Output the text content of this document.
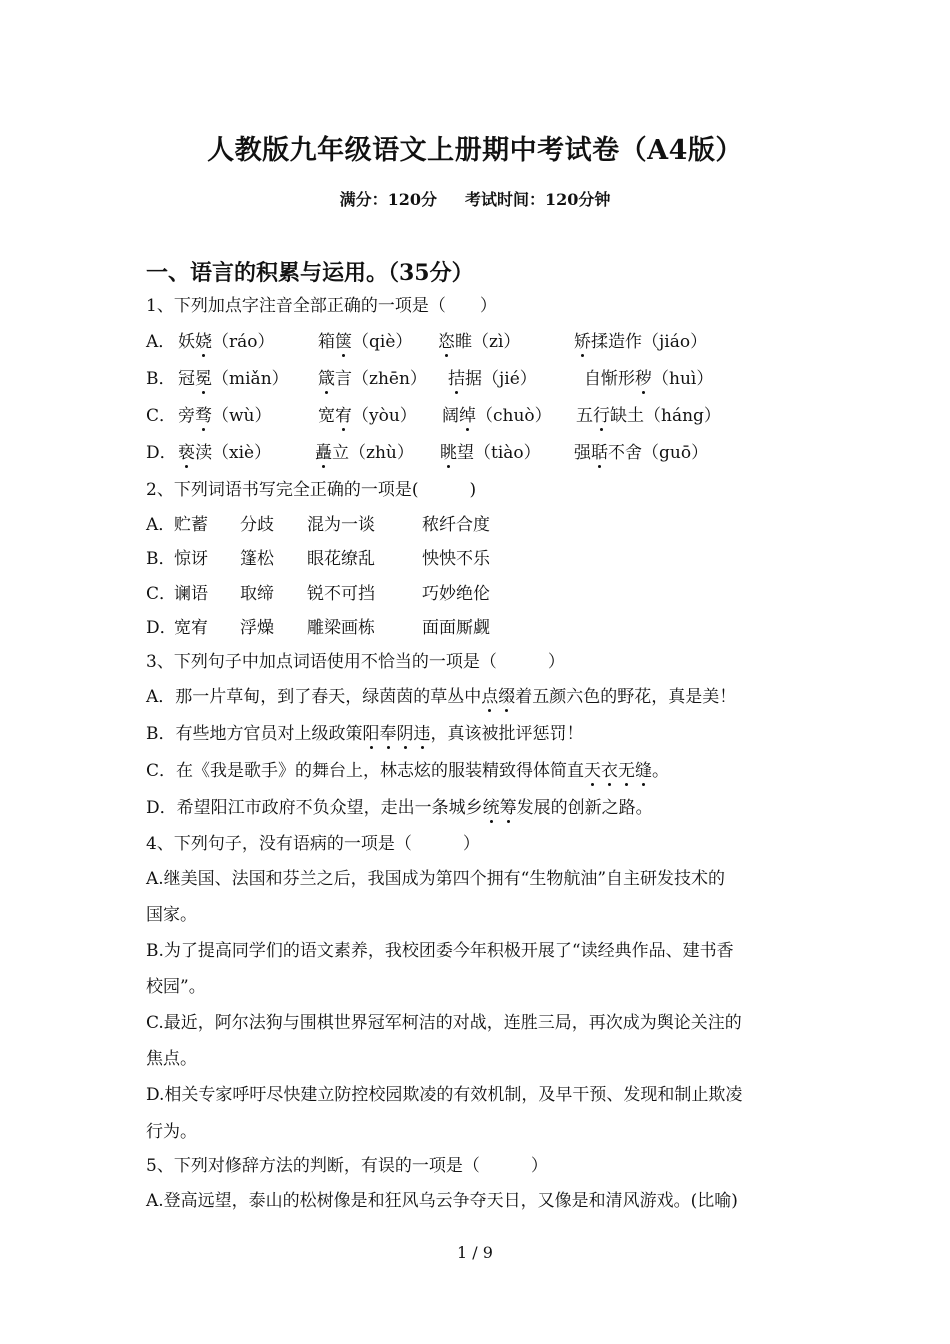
人教版九年级语文上册期中考试卷（A4版）
满分：120分 考试时间：120分钟
一、语言的积累与运用。（35分）
1、下列加点字注音全部正确的一项是（　　）
A． 妖娆（ráo）	箱箧（qiè） 恣睢（zì）	矫揉造作（jiáo）
B． 冠冕（miǎn） 箴言（zhēn） 拮据（jié）	自惭形秽（huì）
C． 旁骛（wù）	宽宥（yòu） 阔绰（chuò） 五行缺土（háng）
D．亵渎（xiè）	矗立（zhù） 眺望（tiào） 强聒不舍（guō）
2、下列词语书写完全正确的一项是(　　　)
A．贮蓄 分歧 混为一谈	秾纤合度
B．惊讶 篷松 眼花缭乱	怏怏不乐
C．谰语 取缔 锐不可挡	巧妙绝伦
D．宽宥 浮燥 雕梁画栋	面面厮觑
3、下列句子中加点词语使用不恰当的一项是（　　　）
A．那一片草甸，到了春天，绿茵茵的草丛中点缀着五颜六色的野花，真是美！
B．有些地方官员对上级政策阳奉阴违，真该被批评惩罚！
C．在《我是歌手》的舞台上，林志炫的服装精致得体简直天衣无缝。
D．希望阳江市政府不负众望，走出一条城乡统筹发展的创新之路。
4、下列句子，没有语病的一项是（　　　）
A.继美国、法国和芬兰之后，我国成为第四个拥有“生物航油”自主研发技术的
国家。
B.为了提高同学们的语文素养，我校团委今年积极开展了“读经典作品、建书香
校园”。
C.最近，阿尔法狗与围棋世界冠军柯洁的对战，连胜三局，再次成为舆论关注的
焦点。
D.相关专家呼吁尽快建立防控校园欺凌的有效机制，及早干预、发现和制止欺凌
行为。
5、下列对修辞方法的判断，有误的一项是（　　　）
A.登高远望，泰山的松树像是和狂风乌云争夺天日，又像是和清风游戏。(比喻)
1 / 9
